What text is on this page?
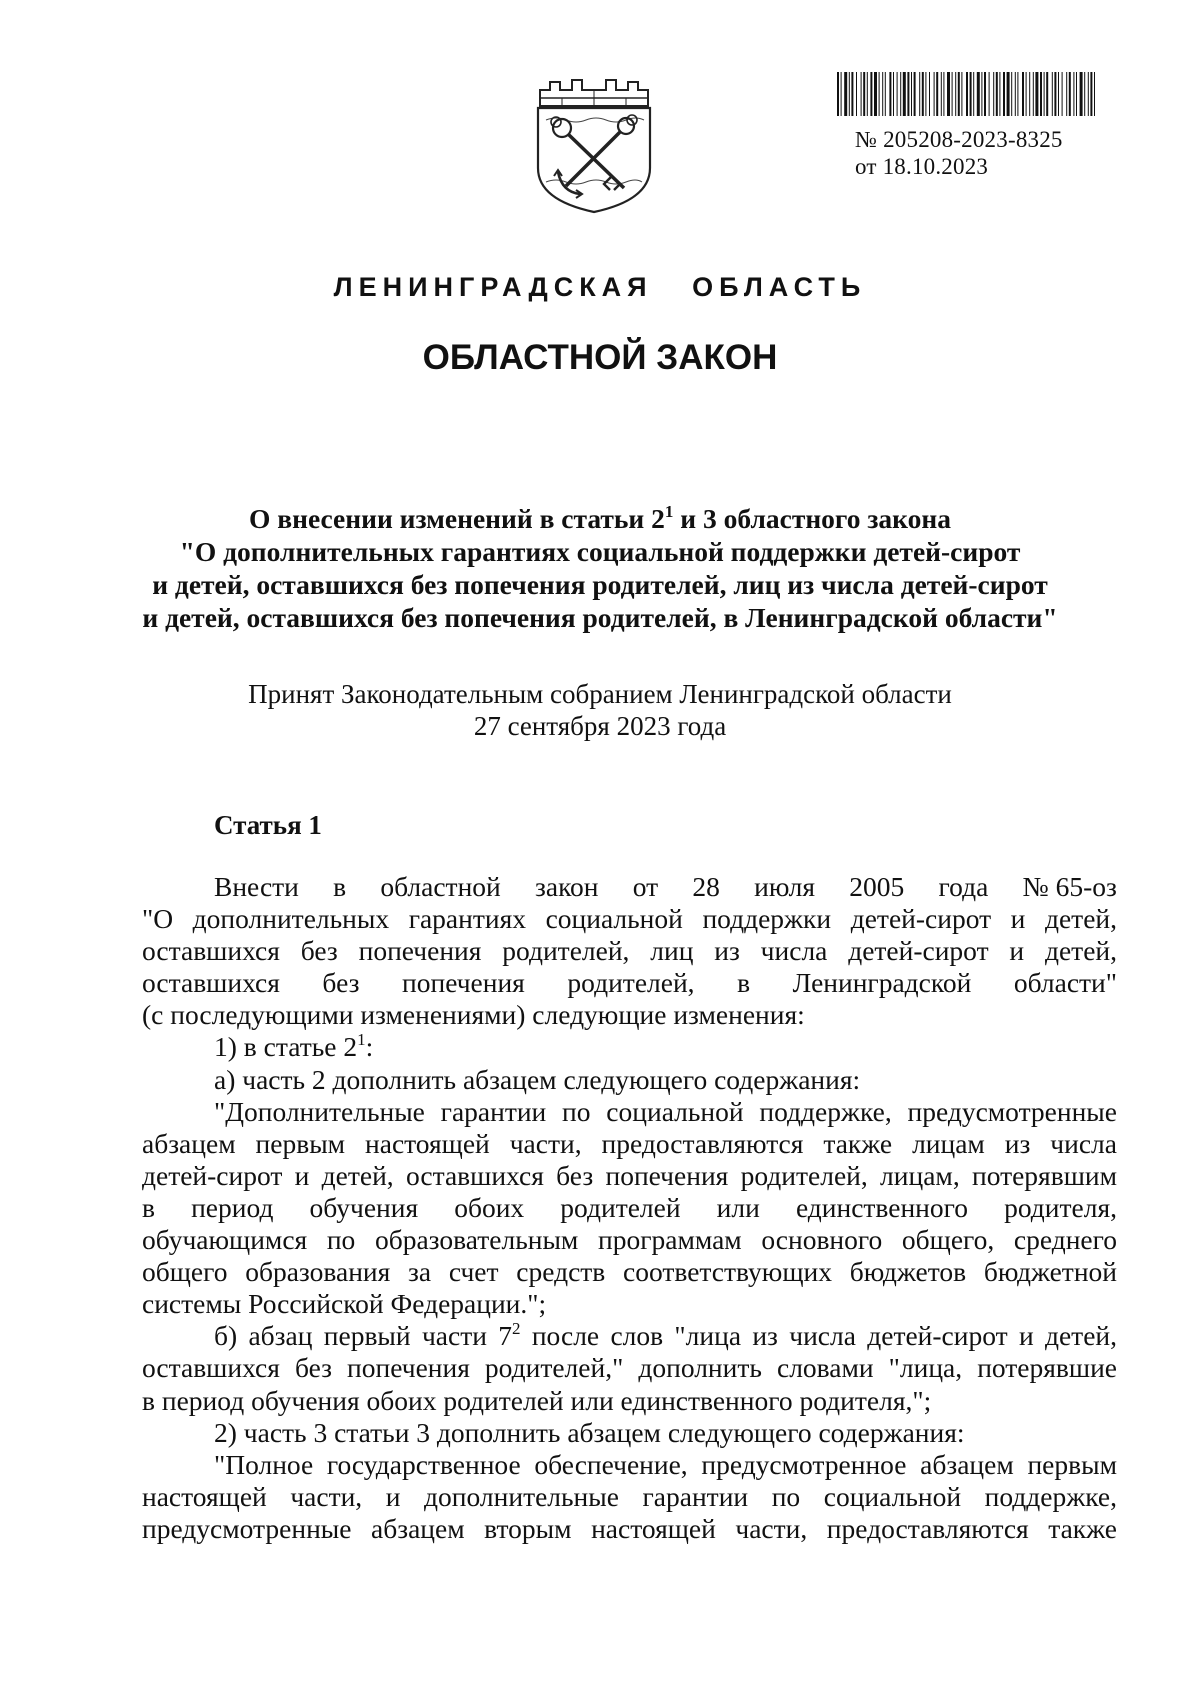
№ 205208-2023-8325
от 18.10.2023
ЛЕНИНГРАДСКАЯ ОБЛАСТЬ
ОБЛАСТНОЙ ЗАКОН
О внесении изменений в статьи $2^1$ и 3 областного закона
"О дополнительных гарантиях социальной поддержки детей-сирот
и детей, оставшихся без попечения родителей, лиц из числа детей-сирот
и детей, оставшихся без попечения родителей, в Ленинградской области"
Принят Законодательным собранием Ленинградской области
27 сентября 2023 года
Статья 1
Внести в областной закон от 28 июля 2005 года № 65-оз
"О дополнительных гарантиях социальной поддержки детей-сирот и детей,
оставшихся без попечения родителей, лиц из числа детей-сирот и детей,
оставшихся без попечения родителей, в Ленинградской области"
(с последующими изменениями) следующие изменения:
1) в статье $2^1$:
а) часть 2 дополнить абзацем следующего содержания:
"Дополнительные гарантии по социальной поддержке, предусмотренные
абзацем первым настоящей части, предоставляются также лицам из числа
детей-сирот и детей, оставшихся без попечения родителей, лицам, потерявшим
в период обучения обоих родителей или единственного родителя,
обучающимся по образовательным программам основного общего, среднего
общего образования за счет средств соответствующих бюджетов бюджетной
системы Российской Федерации.";
б) абзац первый части $7^2$ после слов "лица из числа детей-сирот и детей,
оставшихся без попечения родителей," дополнить словами "лица, потерявшие
в период обучения обоих родителей или единственного родителя,";
2) часть 3 статьи 3 дополнить абзацем следующего содержания:
"Полное государственное обеспечение, предусмотренное абзацем первым
настоящей части, и дополнительные гарантии по социальной поддержке,
предусмотренные абзацем вторым настоящей части, предоставляются также
